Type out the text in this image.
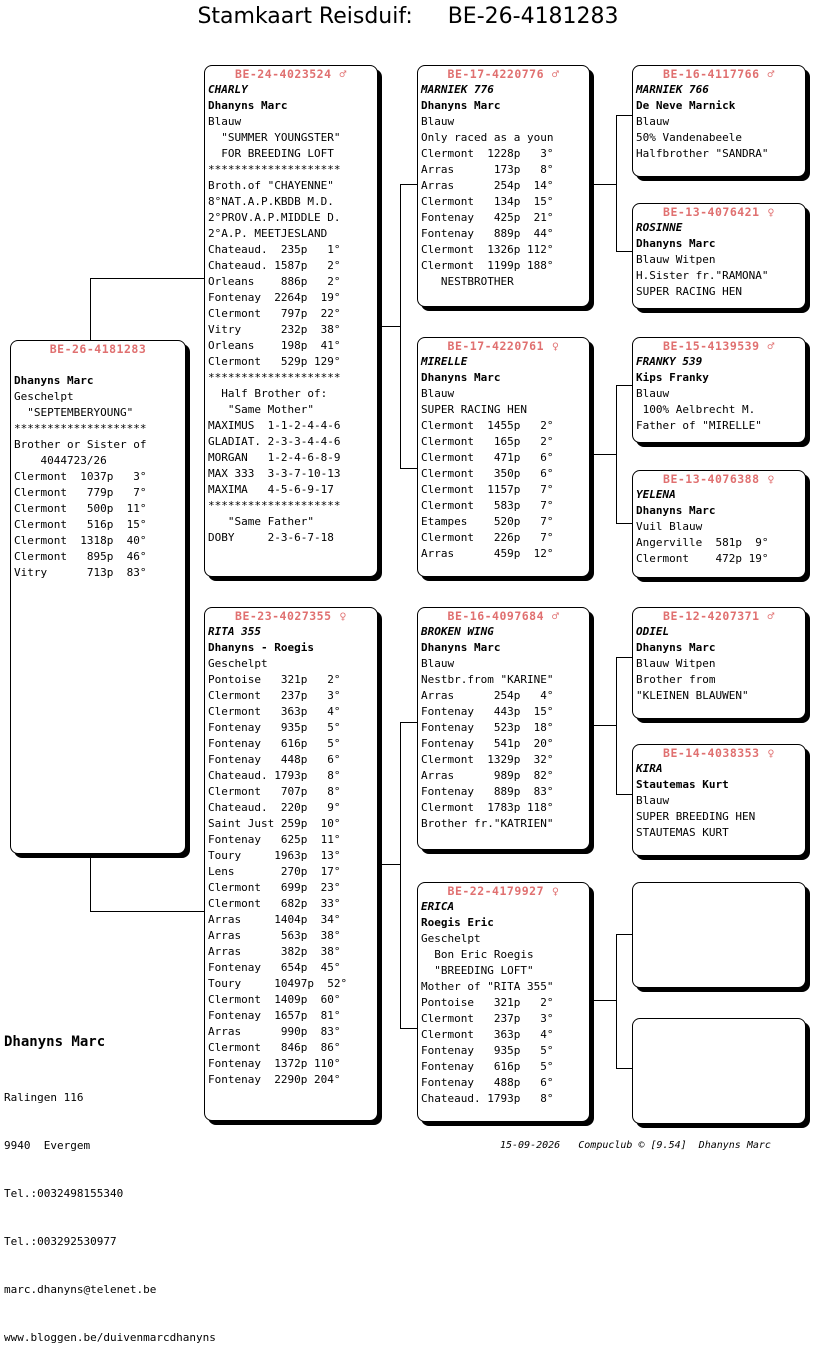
Stamkaart Reisduif:     BE-26-4181283
BE-26-4181283

Dhanyns Marc
Geschelpt
"SEPTEMBERYOUNG"
********************
Brother or Sister of
4044723/26
Clermont  1037p   3°
Clermont   779p   7°
Clermont   500p  11°
Clermont   516p  15°
Clermont  1318p  40°
Clermont   895p  46°
Vitry      713p  83°
BE-24-4023524 ♂
CHARLY
Dhanyns Marc
Blauw
"SUMMER YOUNGSTER"
FOR BREEDING LOFT
********************
Broth.of "CHAYENNE"
8°NAT.A.P.KBDB M.D.
2°PROV.A.P.MIDDLE D.
2°A.P. MEETJESLAND
Chateaud.  235p   1°
Chateaud. 1587p   2°
Orleans    886p   2°
Fontenay  2264p  19°
Clermont   797p  22°
Vitry      232p  38°
Orleans    198p  41°
Clermont   529p 129°
********************
Half Brother of:
"Same Mother"
MAXIMUS  1-1-2-4-4-6
GLADIAT. 2-3-3-4-4-6
MORGAN   1-2-4-6-8-9
MAX 333  3-3-7-10-13
MAXIMA   4-5-6-9-17
********************
"Same Father"
DOBY     2-3-6-7-18
BE-23-4027355 ♀
RITA 355
Dhanyns - Roegis
Geschelpt
Pontoise   321p   2°
Clermont   237p   3°
Clermont   363p   4°
Fontenay   935p   5°
Fontenay   616p   5°
Fontenay   448p   6°
Chateaud. 1793p   8°
Clermont   707p   8°
Chateaud.  220p   9°
Saint Just 259p  10°
Fontenay   625p  11°
Toury     1963p  13°
Lens       270p  17°
Clermont   699p  23°
Clermont   682p  33°
Arras     1404p  34°
Arras      563p  38°
Arras      382p  38°
Fontenay   654p  45°
Toury     10497p  52°
Clermont  1409p  60°
Fontenay  1657p  81°
Arras      990p  83°
Clermont   846p  86°
Fontenay  1372p 110°
Fontenay  2290p 204°
BE-17-4220776 ♂
MARNIEK 776
Dhanyns Marc
Blauw
Only raced as a youn
Clermont  1228p   3°
Arras      173p   8°
Arras      254p  14°
Clermont   134p  15°
Fontenay   425p  21°
Fontenay   889p  44°
Clermont  1326p 112°
Clermont  1199p 188°
NESTBROTHER
BE-17-4220761 ♀
MIRELLE
Dhanyns Marc
Blauw
SUPER RACING HEN
Clermont  1455p   2°
Clermont   165p   2°
Clermont   471p   6°
Clermont   350p   6°
Clermont  1157p   7°
Clermont   583p   7°
Etampes    520p   7°
Clermont   226p   7°
Arras      459p  12°
BE-16-4097684 ♂
BROKEN WING
Dhanyns Marc
Blauw
Nestbr.from "KARINE"
Arras      254p   4°
Fontenay   443p  15°
Fontenay   523p  18°
Fontenay   541p  20°
Clermont  1329p  32°
Arras      989p  82°
Fontenay   889p  83°
Clermont  1783p 118°
Brother fr."KATRIEN"
BE-22-4179927 ♀
ERICA
Roegis Eric
Geschelpt
Bon Eric Roegis
"BREEDING LOFT"
Mother of "RITA 355"
Pontoise   321p   2°
Clermont   237p   3°
Clermont   363p   4°
Fontenay   935p   5°
Fontenay   616p   5°
Fontenay   488p   6°
Chateaud. 1793p   8°
BE-16-4117766 ♂
MARNIEK 766
De Neve Marnick
Blauw
50% Vandenabeele
Halfbrother "SANDRA"
BE-13-4076421 ♀
ROSINNE
Dhanyns Marc
Blauw Witpen
H.Sister fr."RAMONA"
SUPER RACING HEN
BE-15-4139539 ♂
FRANKY 539
Kips Franky
Blauw
100% Aelbrecht M.
Father of "MIRELLE"
BE-13-4076388 ♀
YELENA
Dhanyns Marc
Vuil Blauw
Angerville  581p  9°
Clermont    472p 19°
BE-12-4207371 ♂
ODIEL
Dhanyns Marc
Blauw Witpen
Brother from
"KLEINEN BLAUWEN"
BE-14-4038353 ♀
KIRA
Stautemas Kurt
Blauw
SUPER BREEDING HEN
STAUTEMAS KURT
Dhanyns Marc

Ralingen 116

9940  Evergem

Tel.:0032498155340

Tel.:003292530977

marc.dhanyns@telenet.be

www.bloggen.be/duivenmarcdhanyns

15-09-2026   Compuclub © [9.54]  Dhanyns Marc
